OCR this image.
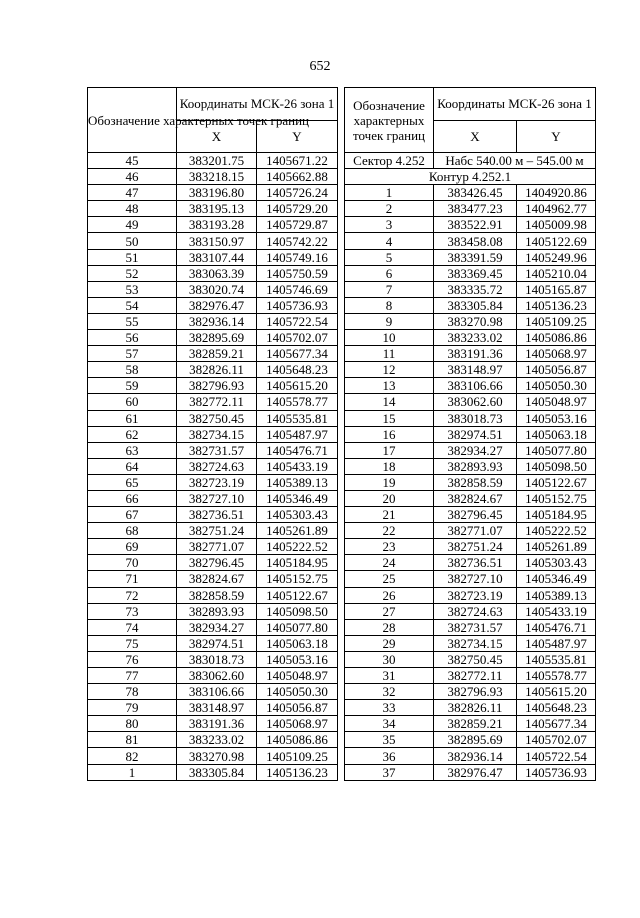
652
Обозначение характерных точек границ	Координаты МСК-26 зона 1	
	X	Y
45	383201.75	1405671.22
46	383218.15	1405662.88
47	383196.80	1405726.24
48	383195.13	1405729.20
49	383193.28	1405729.87
50	383150.97	1405742.22
51	383107.44	1405749.16
52	383063.39	1405750.59
53	383020.74	1405746.69
54	382976.47	1405736.93
55	382936.14	1405722.54
56	382895.69	1405702.07
57	382859.21	1405677.34
58	382826.11	1405648.23
59	382796.93	1405615.20
60	382772.11	1405578.77
61	382750.45	1405535.81
62	382734.15	1405487.97
63	382731.57	1405476.71
64	382724.63	1405433.19
65	382723.19	1405389.13
66	382727.10	1405346.49
67	382736.51	1405303.43
68	382751.24	1405261.89
69	382771.07	1405222.52
70	382796.45	1405184.95
71	382824.67	1405152.75
72	382858.59	1405122.67
73	382893.93	1405098.50
74	382934.27	1405077.80
75	382974.51	1405063.18
76	383018.73	1405053.16
77	383062.60	1405048.97
78	383106.66	1405050.30
79	383148.97	1405056.87
80	383191.36	1405068.97
81	383233.02	1405086.86
82	383270.98	1405109.25
1	383305.84	1405136.23
Обозначение характерных точек границ	Координаты МСК-26 зона 1	
	X	Y
Сектор 4.252	Набс 540.00 м – 545.00 м	
Контур 4.252.1		
1	383426.45	1404920.86
2	383477.23	1404962.77
3	383522.91	1405009.98
4	383458.08	1405122.69
5	383391.59	1405249.96
6	383369.45	1405210.04
7	383335.72	1405165.87
8	383305.84	1405136.23
9	383270.98	1405109.25
10	383233.02	1405086.86
11	383191.36	1405068.97
12	383148.97	1405056.87
13	383106.66	1405050.30
14	383062.60	1405048.97
15	383018.73	1405053.16
16	382974.51	1405063.18
17	382934.27	1405077.80
18	382893.93	1405098.50
19	382858.59	1405122.67
20	382824.67	1405152.75
21	382796.45	1405184.95
22	382771.07	1405222.52
23	382751.24	1405261.89
24	382736.51	1405303.43
25	382727.10	1405346.49
26	382723.19	1405389.13
27	382724.63	1405433.19
28	382731.57	1405476.71
29	382734.15	1405487.97
30	382750.45	1405535.81
31	382772.11	1405578.77
32	382796.93	1405615.20
33	382826.11	1405648.23
34	382859.21	1405677.34
35	382895.69	1405702.07
36	382936.14	1405722.54
37	382976.47	1405736.93
